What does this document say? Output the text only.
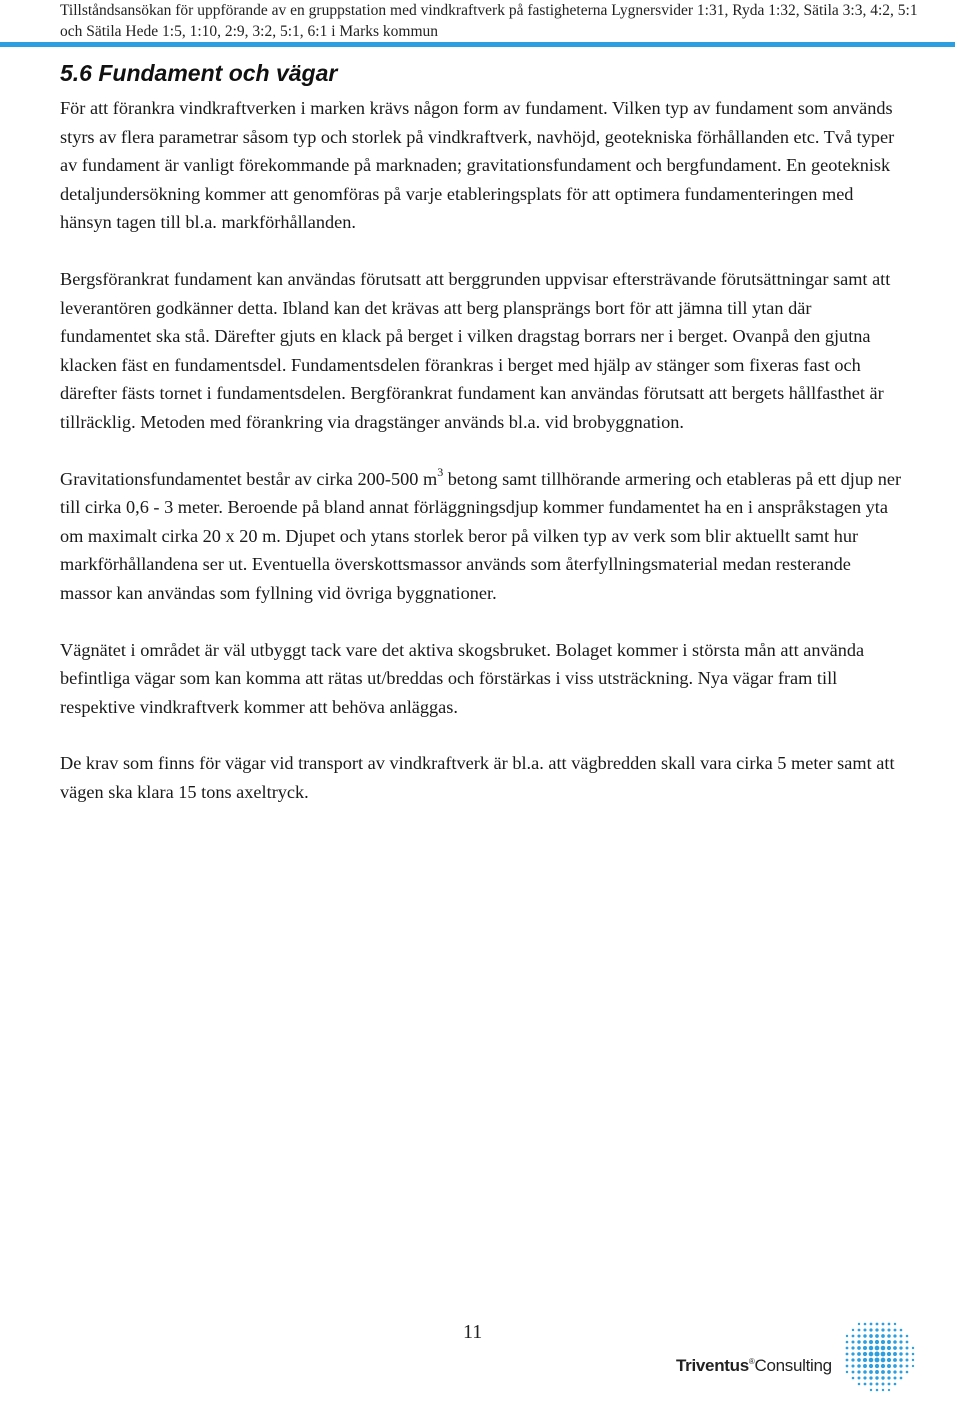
Tillståndsansökan för uppförande av en gruppstation med vindkraftverk på fastigheterna Lygnersvider 1:31, Ryda 1:32, Sätila 3:3, 4:2, 5:1 och Sätila Hede 1:5, 1:10, 2:9, 3:2, 5:1, 6:1 i Marks kommun
5.6 Fundament och vägar

För att förankra vindkraftverken i marken krävs någon form av fundament. Vilken typ av fundament som används styrs av flera parametrar såsom typ och storlek på vindkraftverk, navhöjd, geotekniska förhållanden etc. Två typer av fundament är vanligt förekommande på marknaden; gravitationsfundament och bergfundament. En geoteknisk detaljundersökning kommer att genomföras på varje etableringsplats för att optimera fundamenteringen med hänsyn tagen till bl.a. markförhållanden.

Bergsförankrat fundament kan användas förutsatt att berggrunden uppvisar eftersträvande förutsättningar samt att leverantören godkänner detta. Ibland kan det krävas att berg plansprängs bort för att jämna till ytan där fundamentet ska stå. Därefter gjuts en klack på berget i vilken dragstag borrars ner i berget. Ovanpå den gjutna klacken fäst en fundamentsdel. Fundamentsdelen förankras i berget med hjälp av stänger som fixeras fast och därefter fästs tornet i fundamentsdelen. Bergförankrat fundament kan användas förutsatt att bergets hållfasthet är tillräcklig. Metoden med förankring via dragstänger används bl.a. vid brobyggnation.

Gravitationsfundamentet består av cirka 200-500 $m^3$ betong samt tillhörande armering och etableras på ett djup ner till cirka 0,6 - 3 meter. Beroende på bland annat förläggningsdjup kommer fundamentet ha en i anspråkstagen yta om maximalt cirka 20 x 20 m. Djupet och ytans storlek beror på vilken typ av verk som blir aktuellt samt hur markförhållandena ser ut. Eventuella överskottsmassor används som återfyllningsmaterial medan resterande massor kan användas som fyllning vid övriga byggnationer.

Vägnätet i området är väl utbyggt tack vare det aktiva skogsbruket. Bolaget kommer i största mån att använda befintliga vägar som kan komma att rätas ut/breddas och förstärkas i viss utsträckning. Nya vägar fram till respektive vindkraftverk kommer att behöva anläggas.

De krav som finns för vägar vid transport av vindkraftverk är bl.a. att vägbredden skall vara cirka 5 meter samt att vägen ska klara 15 tons axeltryck.

11
Triventus®Consulting
